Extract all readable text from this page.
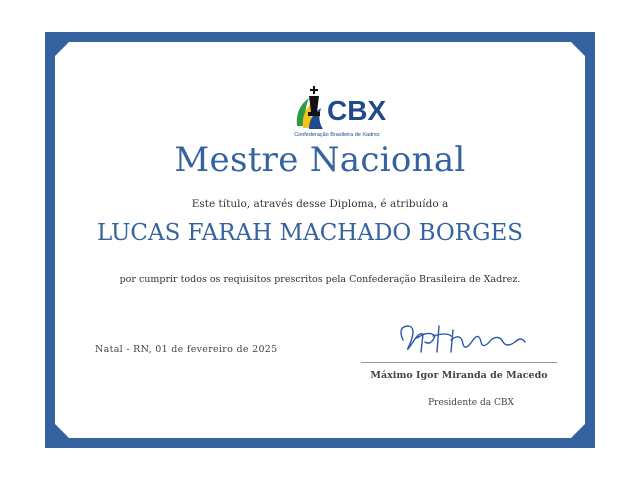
CBX
Confederação Brasileira de Xadrez
Mestre Nacional
Este título, através desse Diploma, é atribuído a
LUCAS FARAH MACHADO BORGES
por cumprir todos os requisitos prescritos pela Confederação Brasileira de Xadrez.
Natal - RN, 01 de fevereiro de 2025
Máximo Igor Miranda de Macedo
Presidente da CBX
